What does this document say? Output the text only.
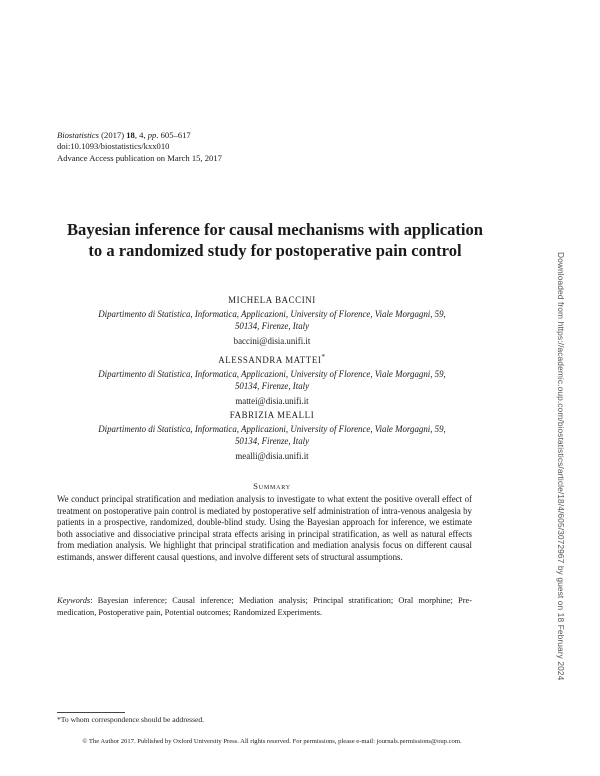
Biostatistics (2017) 18, 4, pp. 605–617
doi:10.1093/biostatistics/kxx010
Advance Access publication on March 15, 2017
Bayesian inference for causal mechanisms with application to a randomized study for postoperative pain control
MICHELA BACCINI
Dipartimento di Statistica, Informatica, Applicazioni, University of Florence, Viale Morgagni, 59,
50134, Firenze, Italy
baccini@disia.unifi.it
ALESSANDRA MATTEI*
Dipartimento di Statistica, Informatica, Applicazioni, University of Florence, Viale Morgagni, 59,
50134, Firenze, Italy
mattei@disia.unifi.it
FABRIZIA MEALLI
Dipartimento di Statistica, Informatica, Applicazioni, University of Florence, Viale Morgagni, 59,
50134, Firenze, Italy
mealli@disia.unifi.it
Summary
We conduct principal stratification and mediation analysis to investigate to what extent the positive overall effect of treatment on postoperative pain control is mediated by postoperative self administration of intra-venous analgesia by patients in a prospective, randomized, double-blind study. Using the Bayesian approach for inference, we estimate both associative and dissociative principal strata effects arising in principal stratification, as well as natural effects from mediation analysis. We highlight that principal stratification and mediation analysis focus on different causal estimands, answer different causal questions, and involve different sets of structural assumptions.
Keywords: Bayesian inference; Causal inference; Mediation analysis; Principal stratification; Oral morphine; Pre-medication, Postoperative pain, Potential outcomes; Randomized Experiments.
*To whom correspondence should be addressed.
© The Author 2017. Published by Oxford University Press. All rights reserved. For permissions, please e-mail: journals.permissions@oup.com.
Downloaded from https://academic.oup.com/biostatistics/article/18/4/605/3072967 by guest on 18 February 2024
